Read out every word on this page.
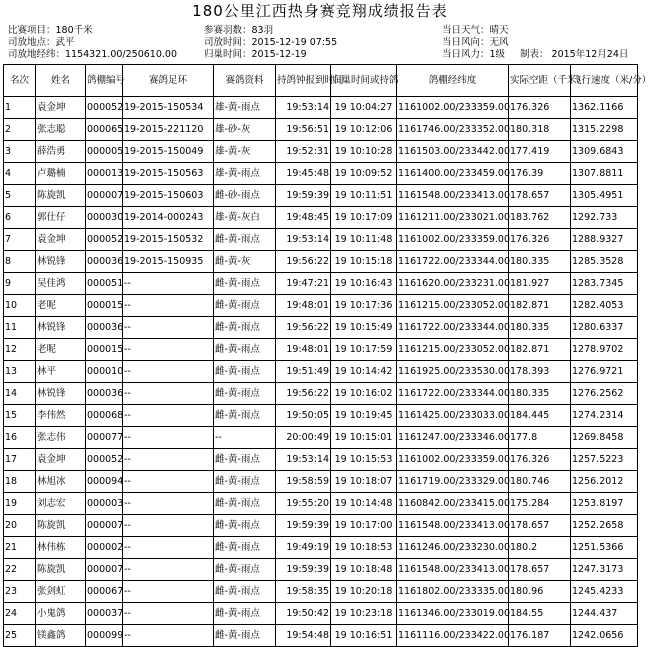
180公里江西热身赛竞翔成绩报告表
比赛项目：180千米	参赛羽数：83羽	当日天气：晴天
司放地点：武平	司放时间：2015-12-19 07:55	当日风向：无风
司放地经纬：1154321.00/250610.00	归巢时间：2015-12-19	当日风力：1级 制表： 2015年12月24日
名次	姓名	鸽棚编号	赛鸽足环	赛鸽资料	持鸽钟报到时间	归巢时间或持鸽	鸽棚经纬度	实际空距（千米）	飞行速度（米/分）
1	袁金坤	000052	19-2015-150534	雄-黄-雨点	19:53:14	19 10:04:27	1161002.00/233359.00	176.326	1362.1166
2	张志聪	000065	19-2015-221120	雄-砂-灰	19:56:51	19 10:12:06	1161746.00/233352.00	180.318	1315.2298
3	薛浩勇	000005	19-2015-150049	雄-黄-灰	19:52:31	19 10:10:28	1161503.00/233442.00	177.419	1309.6843
4	卢璐楠	000013	19-2015-150563	雄-黄-雨点	19:45:48	19 10:09:52	1161400.00/233459.00	176.39	1307.8811
5	陈旋凯	000007	19-2015-150603	雌-砂-雨点	19:59:39	19 10:11:51	1161548.00/233413.00	178.657	1305.4951
6	郭仕仔	000030	19-2014-000243	雄-黄-灰白	19:48:45	19 10:17:09	1161211.00/233021.00	183.762	1292.733
7	袁金坤	000052	19-2015-150532	雌-黄-雨点	19:53:14	19 10:11:48	1161002.00/233359.00	176.326	1288.9327
8	林锐锋	000036	19-2015-150935	雌-黄-灰	19:56:22	19 10:15:18	1161722.00/233344.00	180.335	1285.3528
9	吴佳鸿	000051	--	雌-黄-雨点	19:47:21	19 10:16:43	1161620.00/233231.00	181.927	1283.7345
10	老呢	000015	--	雌-黄-雨点	19:48:01	19 10:17:36	1161215.00/233052.00	182.871	1282.4053
11	林锐锋	000036	--	雌-黄-雨点	19:56:22	19 10:15:49	1161722.00/233344.00	180.335	1280.6337
12	老呢	000015	--	雌-黄-雨点	19:48:01	19 10:17:59	1161215.00/233052.00	182.871	1278.9702
13	林平	000010	--	雌-黄-雨点	19:51:49	19 10:14:42	1161925.00/233530.00	178.393	1276.9721
14	林锐锋	000036	--	雌-黄-雨点	19:56:22	19 10:16:02	1161722.00/233344.00	180.335	1276.2562
15	李伟然	000068	--	雌-黄-雨点	19:50:05	19 10:19:45	1161425.00/233033.00	184.445	1274.2314
16	张志伟	000077	--	--	20:00:49	19 10:15:01	1161247.00/233346.00	177.8	1269.8458
17	袁金坤	000052	--	雌-黄-雨点	19:53:14	19 10:15:53	1161002.00/233359.00	176.326	1257.5223
18	林旭冰	000094	--	雌-黄-雨点	19:58:59	19 10:18:07	1161719.00/233329.00	180.746	1256.2012
19	刘志宏	000003	--	雌-黄-雨点	19:55:20	19 10:14:48	1160842.00/233415.00	175.284	1253.8197
20	陈旋凯	000007	--	雌-黄-雨点	19:59:39	19 10:17:00	1161548.00/233413.00	178.657	1252.2658
21	林伟栋	000002	--	雌-黄-雨点	19:49:19	19 10:18:53	1161246.00/233230.00	180.2	1251.5366
22	陈旋凯	000007	--	雌-黄-雨点	19:59:39	19 10:18:48	1161548.00/233413.00	178.657	1247.3173
23	张剑虹	000067	--	雌-黄-雨点	19:58:35	19 10:20:18	1161802.00/233335.00	180.96	1245.4233
24	小鬼鸽	000037	--	雌-黄-雨点	19:50:42	19 10:23:18	1161346.00/233019.00	184.55	1244.437
25	镁鑫鸽	000099	--	雌-黄-雨点	19:54:48	19 10:16:51	1161116.00/233422.00	176.187	1242.0656
